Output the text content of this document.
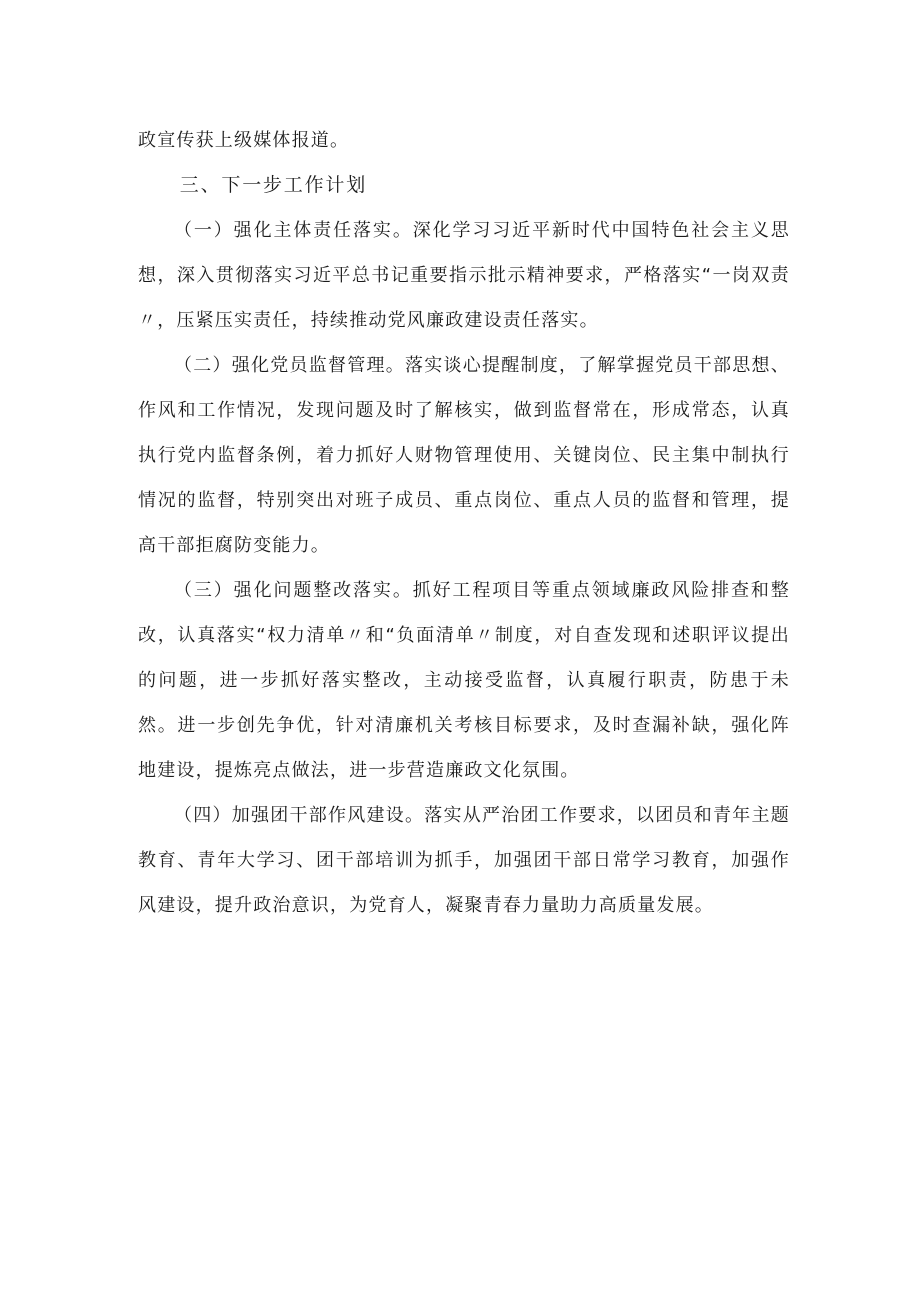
政宣传获上级媒体报道。

三、下一步工作计划

（一）强化主体责任落实。深化学习习近平新时代中国特色社会主义思想，深入贯彻落实习近平总书记重要指示批示精神要求，严格落实“一岗双责〃，压紧压实责任，持续推动党风廉政建设责任落实。

（二）强化党员监督管理。落实谈心提醒制度，了解掌握党员干部思想、作风和工作情况，发现问题及时了解核实，做到监督常在，形成常态，认真执行党内监督条例，着力抓好人财物管理使用、关键岗位、民主集中制执行情况的监督，特别突出对班子成员、重点岗位、重点人员的监督和管理，提高干部拒腐防变能力。

（三）强化问题整改落实。抓好工程项目等重点领域廉政风险排查和整改，认真落实“权力清单〃和“负面清单〃制度，对自查发现和述职评议提出的问题，进一步抓好落实整改，主动接受监督，认真履行职责，防患于未然。进一步创先争优，针对清廉机关考核目标要求，及时查漏补缺，强化阵地建设，提炼亮点做法，进一步营造廉政文化氛围。

（四）加强团干部作风建设。落实从严治团工作要求，以团员和青年主题教育、青年大学习、团干部培训为抓手，加强团干部日常学习教育，加强作风建设，提升政治意识，为党育人，凝聚青春力量助力高质量发展。
